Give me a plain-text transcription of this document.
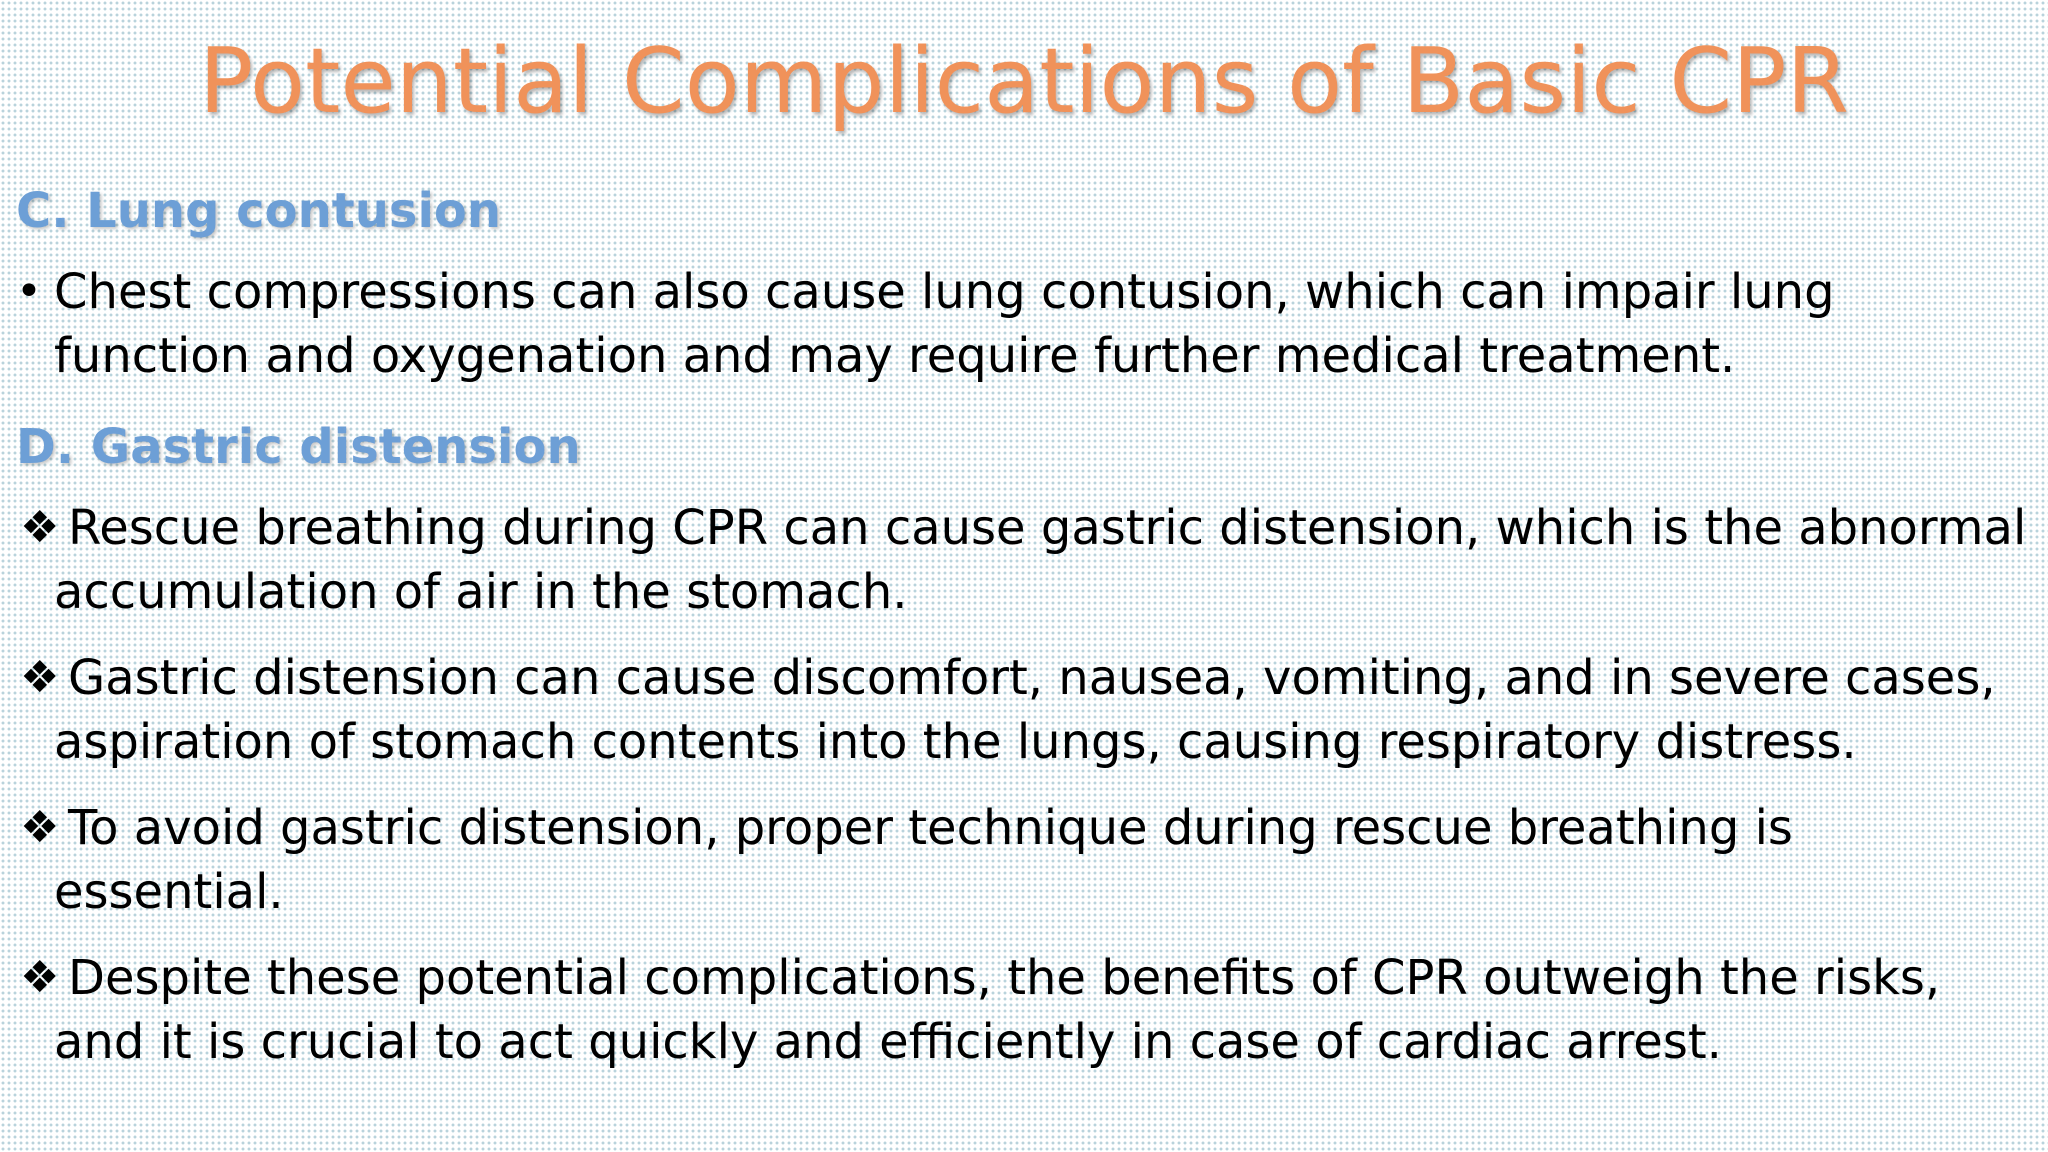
Potential Complications of Basic CPR
C. Lung contusion
• Chest compressions can also cause lung contusion, which can impair lung
function and oxygenation and may require further medical treatment.
D. Gastric distension
❖ Rescue breathing during CPR can cause gastric distension, which is the abnormal
accumulation of air in the stomach.
❖ Gastric distension can cause discomfort, nausea, vomiting, and in severe cases,
aspiration of stomach contents into the lungs, causing respiratory distress.
❖ To avoid gastric distension, proper technique during rescue breathing is
essential.
❖ Despite these potential complications, the benefits of CPR outweigh the risks,
and it is crucial to act quickly and efficiently in case of cardiac arrest.
